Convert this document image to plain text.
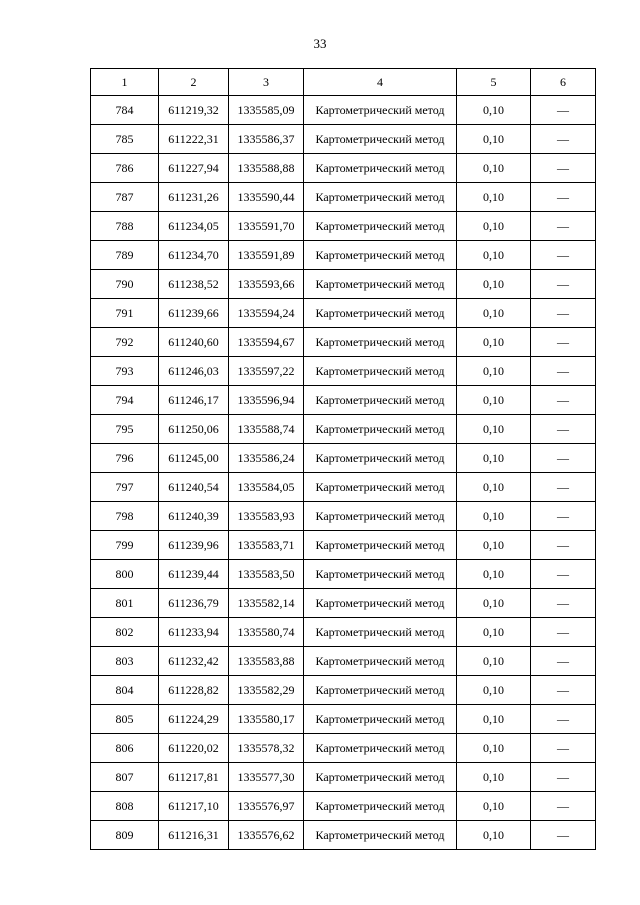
33
1	2	3	4	5	6
784	611219,32	1335585,09	Картометрический метод	0,10	—
785	611222,31	1335586,37	Картометрический метод	0,10	—
786	611227,94	1335588,88	Картометрический метод	0,10	—
787	611231,26	1335590,44	Картометрический метод	0,10	—
788	611234,05	1335591,70	Картометрический метод	0,10	—
789	611234,70	1335591,89	Картометрический метод	0,10	—
790	611238,52	1335593,66	Картометрический метод	0,10	—
791	611239,66	1335594,24	Картометрический метод	0,10	—
792	611240,60	1335594,67	Картометрический метод	0,10	—
793	611246,03	1335597,22	Картометрический метод	0,10	—
794	611246,17	1335596,94	Картометрический метод	0,10	—
795	611250,06	1335588,74	Картометрический метод	0,10	—
796	611245,00	1335586,24	Картометрический метод	0,10	—
797	611240,54	1335584,05	Картометрический метод	0,10	—
798	611240,39	1335583,93	Картометрический метод	0,10	—
799	611239,96	1335583,71	Картометрический метод	0,10	—
800	611239,44	1335583,50	Картометрический метод	0,10	—
801	611236,79	1335582,14	Картометрический метод	0,10	—
802	611233,94	1335580,74	Картометрический метод	0,10	—
803	611232,42	1335583,88	Картометрический метод	0,10	—
804	611228,82	1335582,29	Картометрический метод	0,10	—
805	611224,29	1335580,17	Картометрический метод	0,10	—
806	611220,02	1335578,32	Картометрический метод	0,10	—
807	611217,81	1335577,30	Картометрический метод	0,10	—
808	611217,10	1335576,97	Картометрический метод	0,10	—
809	611216,31	1335576,62	Картометрический метод	0,10	—
